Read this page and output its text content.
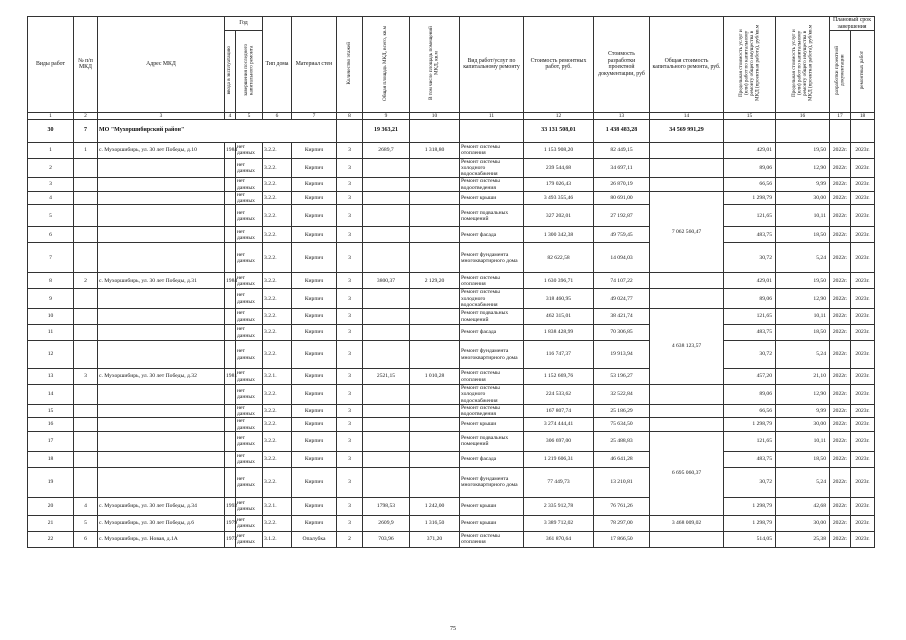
Виды работ	№ п/п МКД	Адрес МКД	Год		Тип дома	Материал стен	Количество этажей	Общая площадь МКД, всего, кв.м	В том числе площадь помещений МКД, кв.м	Вид работ/услуг по капитальному ремонту	Стоимость ремонтных работ, руб.	Стоимость разработки проектной документации, руб	Общая стоимость капитального ремонта, руб.	Предельная стоимость услуг и (или) работ по капитальному ремонту общего имущества в МКД (проектная работа), руб/кв.м	Предельная стоимость услуг и (или) работ по капитальному ремонту общего имущества в МКД (проектная работа), руб/кв.м	Плановый срок завершения	
			ввода в эксплуатацию	завершения последнего капитального ремонта												разработки проектной документации	ремонтных работ
1	2	3	4	5	6	7	8	9	10	11	12	13	14	15	16	17	18
30	7	МО "Мухоршибирский район"						19 363,21			33 131 508,01	1 438 483,28	34 569 991,29				
1	1	с. Мухоршибирь, ул. 30 лет Победы, д.10	1984	нет данных	3.2.2.	Кирпич	3	2689,7	1 318,80	Ремонт системы отопления	1 153 908,20	82 449,15		429,01	19,50	2022г.	2023г.
2				нет данных	3.2.2.	Кирпич	3			Ремонт системы холодного водоснабжения	239 544,68	34 697,11		89,06	12,90	2022г.	2023г.
3				нет данных	3.2.2.	Кирпич	3			Ремонт системы водоотведения	179 026,43	26 870,19		66,56	9,99	2022г.	2023г.
4				нет данных	3.2.2.	Кирпич	3			Ремонт крыши	3 493 355,46	80 691,00	7 062 560,47	1 298,79	30,00	2022г.	2023г.
5				нет данных	3.2.2.	Кирпич	3			Ремонт подвальных помещений	327 202,01	27 192,87		121,65	10,11	2022г.	2023г.
6				нет данных	3.2.2.	Кирпич	3			Ремонт фасада	1 300 342,38	49 759,45		483,75	18,50	2022г.	2023г.
7				нет данных	3.2.2.	Кирпич	3			Ремонт фундамента многоквартирного дома	82 622,58	14 094,03		30,72	5,24	2022г.	2023г.
8	2	с. Мухоршибирь, ул. 30 лет Победы, д.31	1984	нет данных	3.2.2.	Кирпич	3	3800,37	2 129,20	Ремонт системы отопления	1 630 396,71	74 107,22		429,01	19,50	2022г.	2023г.
9				нет данных	3.2.2.	Кирпич	3			Ремонт системы холодного водоснабжения	318 460,95	49 024,77		89,06	12,90	2022г.	2023г.
10				нет данных	3.2.2.	Кирпич	3			Ремонт подвальных помещений	462 315,01	38 421,74	4 638 123,57	121,65	10,11	2022г.	2023г.
11				нет данных	3.2.2.	Кирпич	3			Ремонт фасада	1 838 428,99	70 306,85		483,75	18,50	2022г.	2023г.
12				нет данных	3.2.2.	Кирпич	3			Ремонт фундамента многоквартирного дома	116 747,37	19 913,94		30,72	5,24	2022г.	2023г.
13	3	с. Мухоршибирь, ул. 30 лет Победы, д.32	1981	нет данных	3.2.1.	Кирпич	3	2521,15	1 010,28	Ремонт системы отопления	1 152 669,76	53 196,27		457,20	21,10	2022г.	2023г.
14				нет данных	3.2.2.	Кирпич	3			Ремонт системы холодного водоснабжения	224 533,62	32 522,84		89,06	12,90	2022г.	2023г.
15				нет данных	3.2.2.	Кирпич	3			Ремонт системы водоотведения	167 807,74	25 186,29		66,56	9,99	2022г.	2023г.
16				нет данных	3.2.2.	Кирпич	3			Ремонт крыши	3 274 444,41	75 634,50		1 298,79	30,00	2022г.	2023г.
17				нет данных	3.2.2.	Кирпич	3			Ремонт подвальных помещений	306 697,00	25 488,83	6 695 060,37	121,65	10,11	2022г.	2023г.
18				нет данных	3.2.2.	Кирпич	3			Ремонт фасада	1 219 606,31	46 641,28		483,75	18,50	2022г.	2023г.
19				нет данных	3.2.2.	Кирпич	3			Ремонт фундамента многоквартирного дома	77 449,73	13 210,81		30,72	5,24	2022г.	2023г.
20	4	с. Мухоршибирь, ул. 30 лет Победы, д.34	1992	нет данных	3.2.1.	Кирпич	3	1798,53	1 242,00	Ремонт крыши	2 335 912,78	76 761,26		1 298,79	42,68	2022г.	2023г.
21	5	с. Мухоршибирь, ул. 30 лет Победы, д.6	1979	нет данных	3.2.2.	Кирпич	3	2609,9	1 316,50	Ремонт крыши	3 389 712,02	78 297,00	3 468 009,02	1 298,79	30,00	2022г.	2023г.
22	6	с. Мухоршибирь, ул. Новая, д.1А	1972	нет данных	3.1.2.	Опалубка	2	703,96	371,20	Ремонт системы отопления	361 870,64	17 866,50		514,05	25,38	2022г.	2023г.
75
